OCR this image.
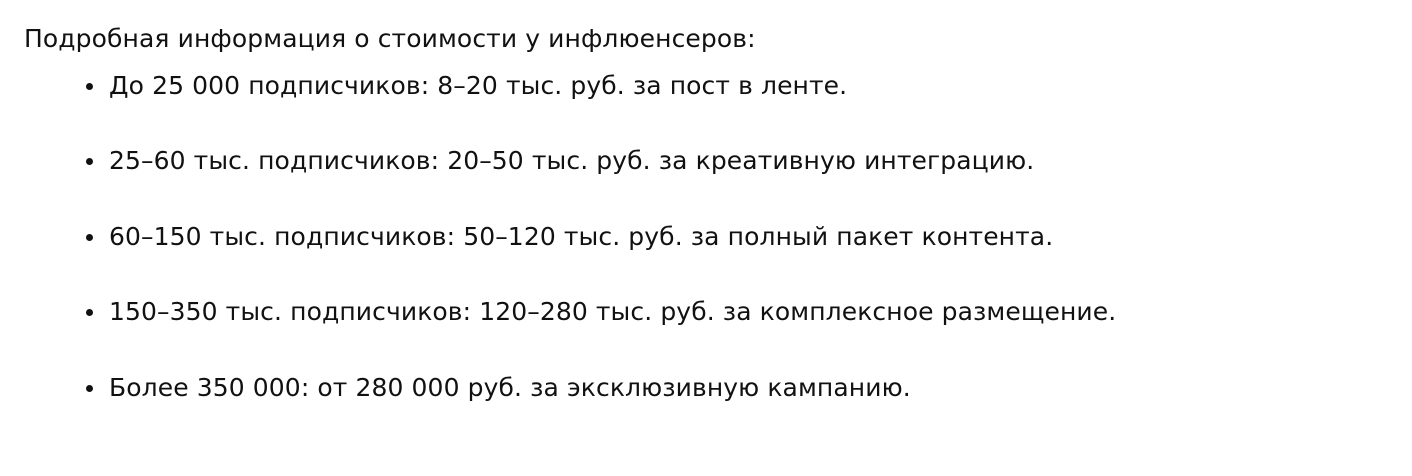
Подробная информация о стоимости у инфлюенсеров:

До 25 000 подписчиков: 8–20 тыс. руб. за пост в ленте.
25–60 тыс. подписчиков: 20–50 тыс. руб. за креативную интеграцию.
60–150 тыс. подписчиков: 50–120 тыс. руб. за полный пакет контента.
150–350 тыс. подписчиков: 120–280 тыс. руб. за комплексное размещение.
Более 350 000: от 280 000 руб. за эксклюзивную кампанию.
